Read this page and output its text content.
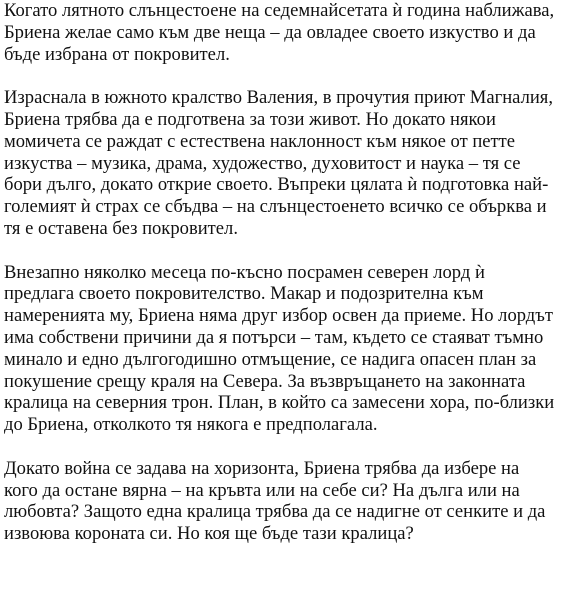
Когато лятното слънцестоене на седемнайсетата ѝ година наближава,
Бриена желае само към две неща – да овладее своето изкуство и да
бъде избрана от покровител.

Израснала в южното кралство Валения, в прочутия приют Магналия,
Бриена трябва да е подготвена за този живот. Но докато някои
момичета се раждат с естествена наклонност към някое от петте
изкуства – музика, драма, художество, духовитост и наука – тя се
бори дълго, докато открие своето. Въпреки цялата ѝ подготовка най-
големият ѝ страх се сбъдва – на слънцестоенето всичко се обърква и
тя е оставена без покровител.

Внезапно няколко месеца по-късно посрамен северен лорд ѝ
предлага своето покровителство. Макар и подозрителна към
намеренията му, Бриена няма друг избор освен да приеме. Но лордът
има собствени причини да я потърси – там, където се стаяват тъмно
минало и едно дългогодишно отмъщение, се надига опасен план за
покушение срещу краля на Севера. За възвръщането на законната
кралица на северния трон. План, в който са замесени хора, по-близки
до Бриена, отколкото тя някога е предполагала.

Докато война се задава на хоризонта, Бриена трябва да избере на
кого да остане вярна – на кръвта или на себе си? На дълга или на
любовта? Защото една кралица трябва да се надигне от сенките и да
извоюва короната си. Но коя ще бъде тази кралица?
